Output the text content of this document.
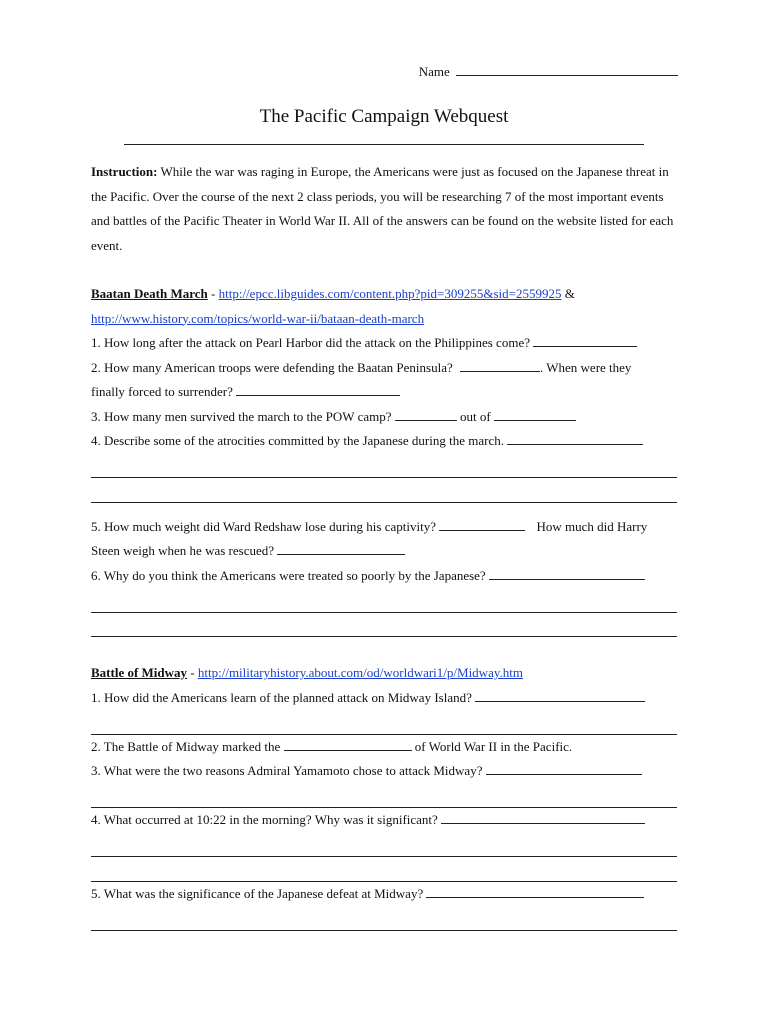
Name
The Pacific Campaign Webquest

Instruction: While the war was raging in Europe, the Americans were just as focused on the Japanese threat in the Pacific. Over the course of the next 2 class periods, you will be researching 7 of the most important events and battles of the Pacific Theater in World War II. All of the answers can be found on the website listed for each event.

Baatan Death March - http://epcc.libguides.com/content.php?pid=309255&sid=2559925 &

http://www.history.com/topics/world-war-ii/bataan-death-march

1. How long after the attack on Pearl Harbor did the attack on the Philippines come?

2. How many American troops were defending the Baatan Peninsula?	. When were they

finally forced to surrender?

3. How many men survived the march to the POW camp?	out of

4. Describe some of the atrocities committed by the Japanese during the march.

5. How much weight did Ward Redshaw lose during his captivity?	How much did Harry

Steen weigh when he was rescued?

6. Why do you think the Americans were treated so poorly by the Japanese?

Battle of Midway - http://militaryhistory.about.com/od/worldwari1/p/Midway.htm

1. How did the Americans learn of the planned attack on Midway Island?

2. The Battle of Midway marked the	of World War II in the Pacific.

3. What were the two reasons Admiral Yamamoto chose to attack Midway?

4. What occurred at 10:22 in the morning? Why was it significant?

5. What was the significance of the Japanese defeat at Midway?
